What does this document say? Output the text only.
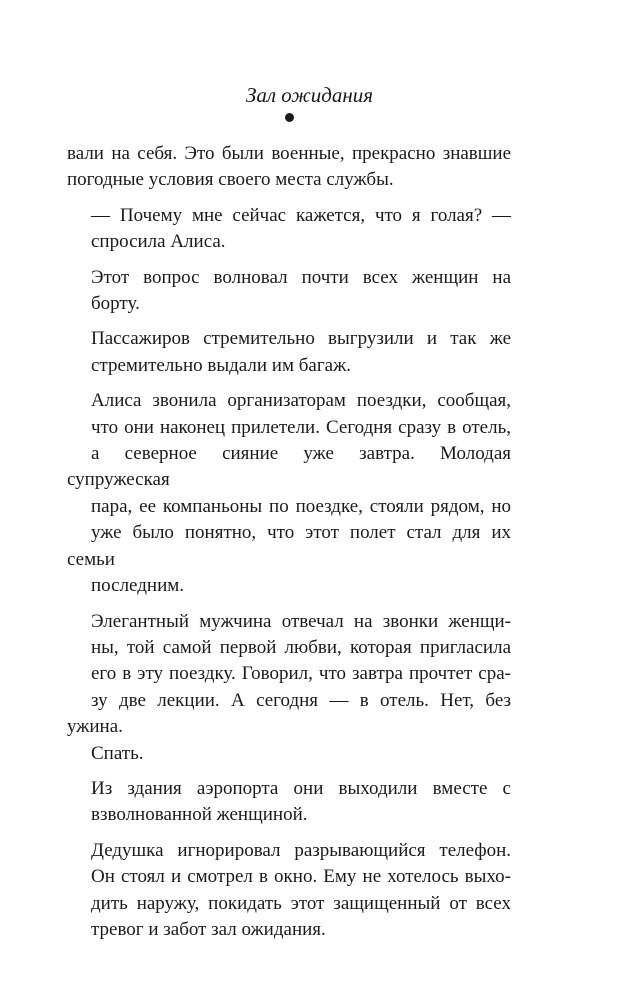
Зал ожидания

вали на себя. Это были военные, прекрасно знавшие
погодные условия своего места службы.

— Почему мне сейчас кажется, что я голая? —
спросила Алиса.

Этот вопрос волновал почти всех женщин на
борту.

Пассажиров стремительно выгрузили и так же
стремительно выдали им багаж.

Алиса звонила организаторам поездки, сообщая,
что они наконец прилетели. Сегодня сразу в отель,
а северное сияние уже завтра. Молодая супружеская
пара, ее компаньоны по поездке, стояли рядом, но
уже было понятно, что этот полет стал для их семьи
последним.

Элегантный мужчина отвечал на звонки женщи-
ны, той самой первой любви, которая пригласила
его в эту поездку. Говорил, что завтра прочтет сра-
зу две лекции. А сегодня — в отель. Нет, без ужина.
Спать.

Из здания аэропорта они выходили вместе с
взволнованной женщиной.

Дедушка игнорировал разрывающийся телефон.
Он стоял и смотрел в окно. Ему не хотелось выхо-
дить наружу, покидать этот защищенный от всех
тревог и забот зал ожидания.
